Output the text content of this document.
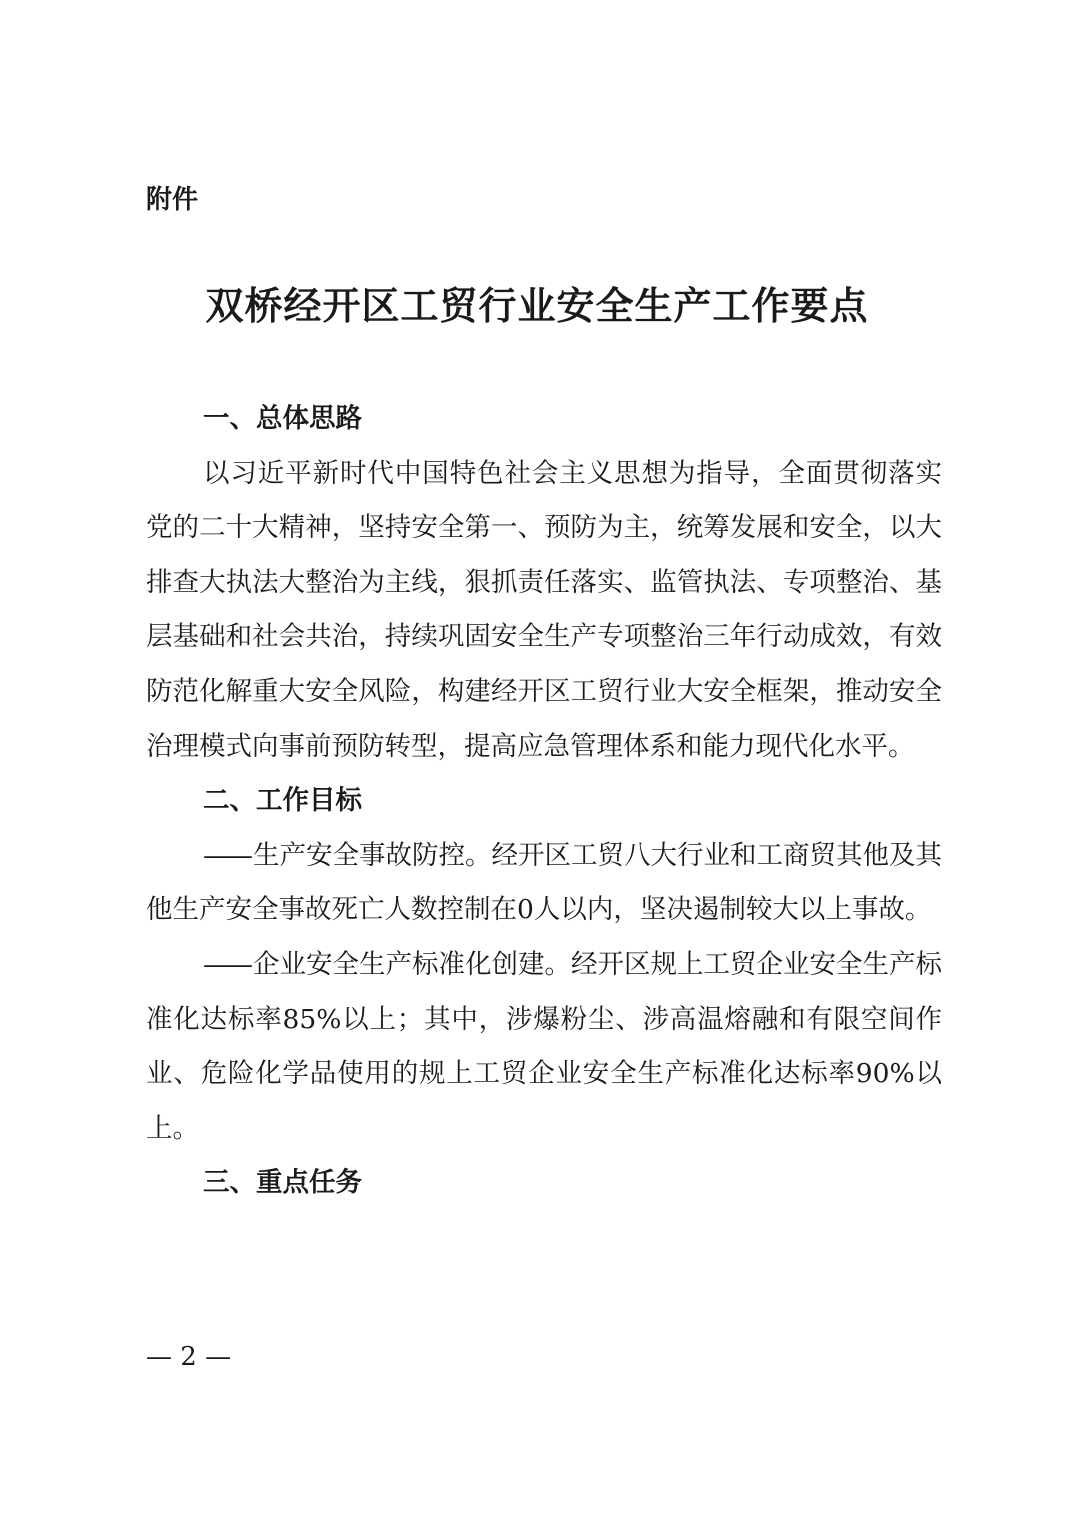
附件

双桥经开区工贸行业安全生产工作要点

一、总体思路

以习近平新时代中国特色社会主义思想为指导，全面贯彻落实党的二十大精神，坚持安全第一、预防为主，统筹发展和安全，以大排查大执法大整治为主线，狠抓责任落实、监管执法、专项整治、基层基础和社会共治，持续巩固安全生产专项整治三年行动成效，有效防范化解重大安全风险，构建经开区工贸行业大安全框架，推动安全治理模式向事前预防转型，提高应急管理体系和能力现代化水平。

二、工作目标

—— 生产安全事故防控。经开区工贸八大行业和工商贸其他及其他生产安全事故死亡人数控制在0人以内，坚决遏制较大以上事故。

—— 企业安全生产标准化创建。经开区规上工贸企业安全生产标准化达标率85%以上；其中，涉爆粉尘、涉高温熔融和有限空间作业、危险化学品使用的规上工贸企业安全生产标准化达标率90%以上。

三、重点任务

— 2 —
